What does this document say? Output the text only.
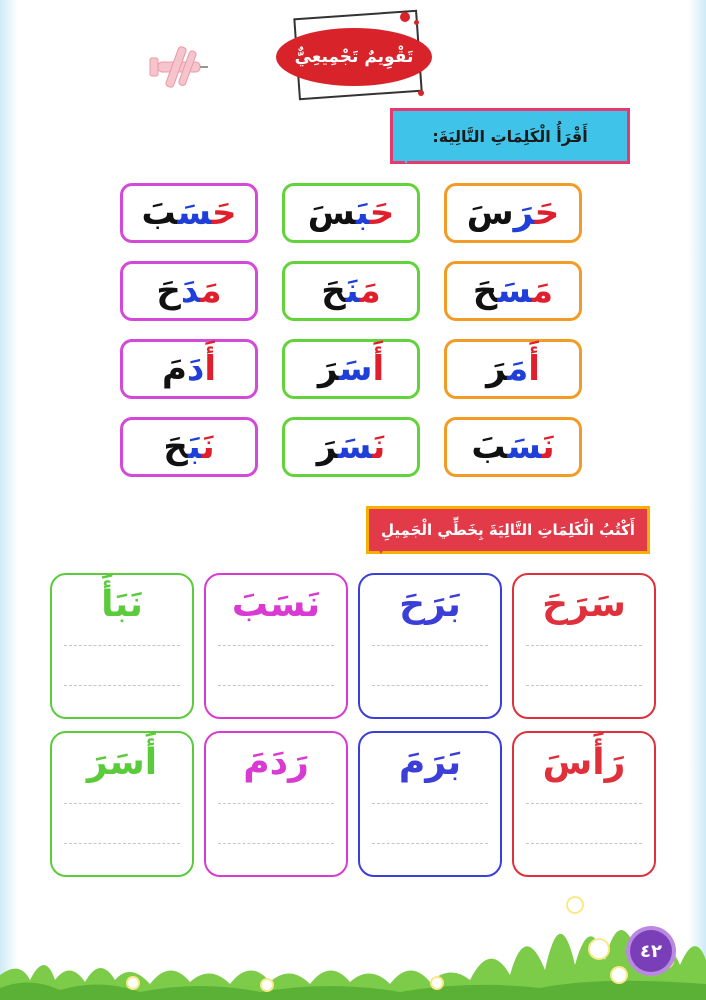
تَقْوِيمٌ تَجْمِيعِيٌّ
أَقْرَأُ الْكَلِمَاتِ التَّالِيَةَ:
حَرَسَ
حَبَسَ
حَسَبَ
مَسَحَ
مَنَحَ
مَدَحَ
أَمَرَ
أَسَرَ
أَدَمَ
نَسَبَ
نَسَرَ
نَبَحَ
أَكْتُبُ الْكَلِمَاتِ التَّالِيَةَ بِخَطِّي الْجَمِيلِ
سَرَحَ
بَرَحَ
نَسَبَ
نَبَأَ
رَأَسَ
بَرَمَ
رَدَمَ
أَسَرَ
٤٢
